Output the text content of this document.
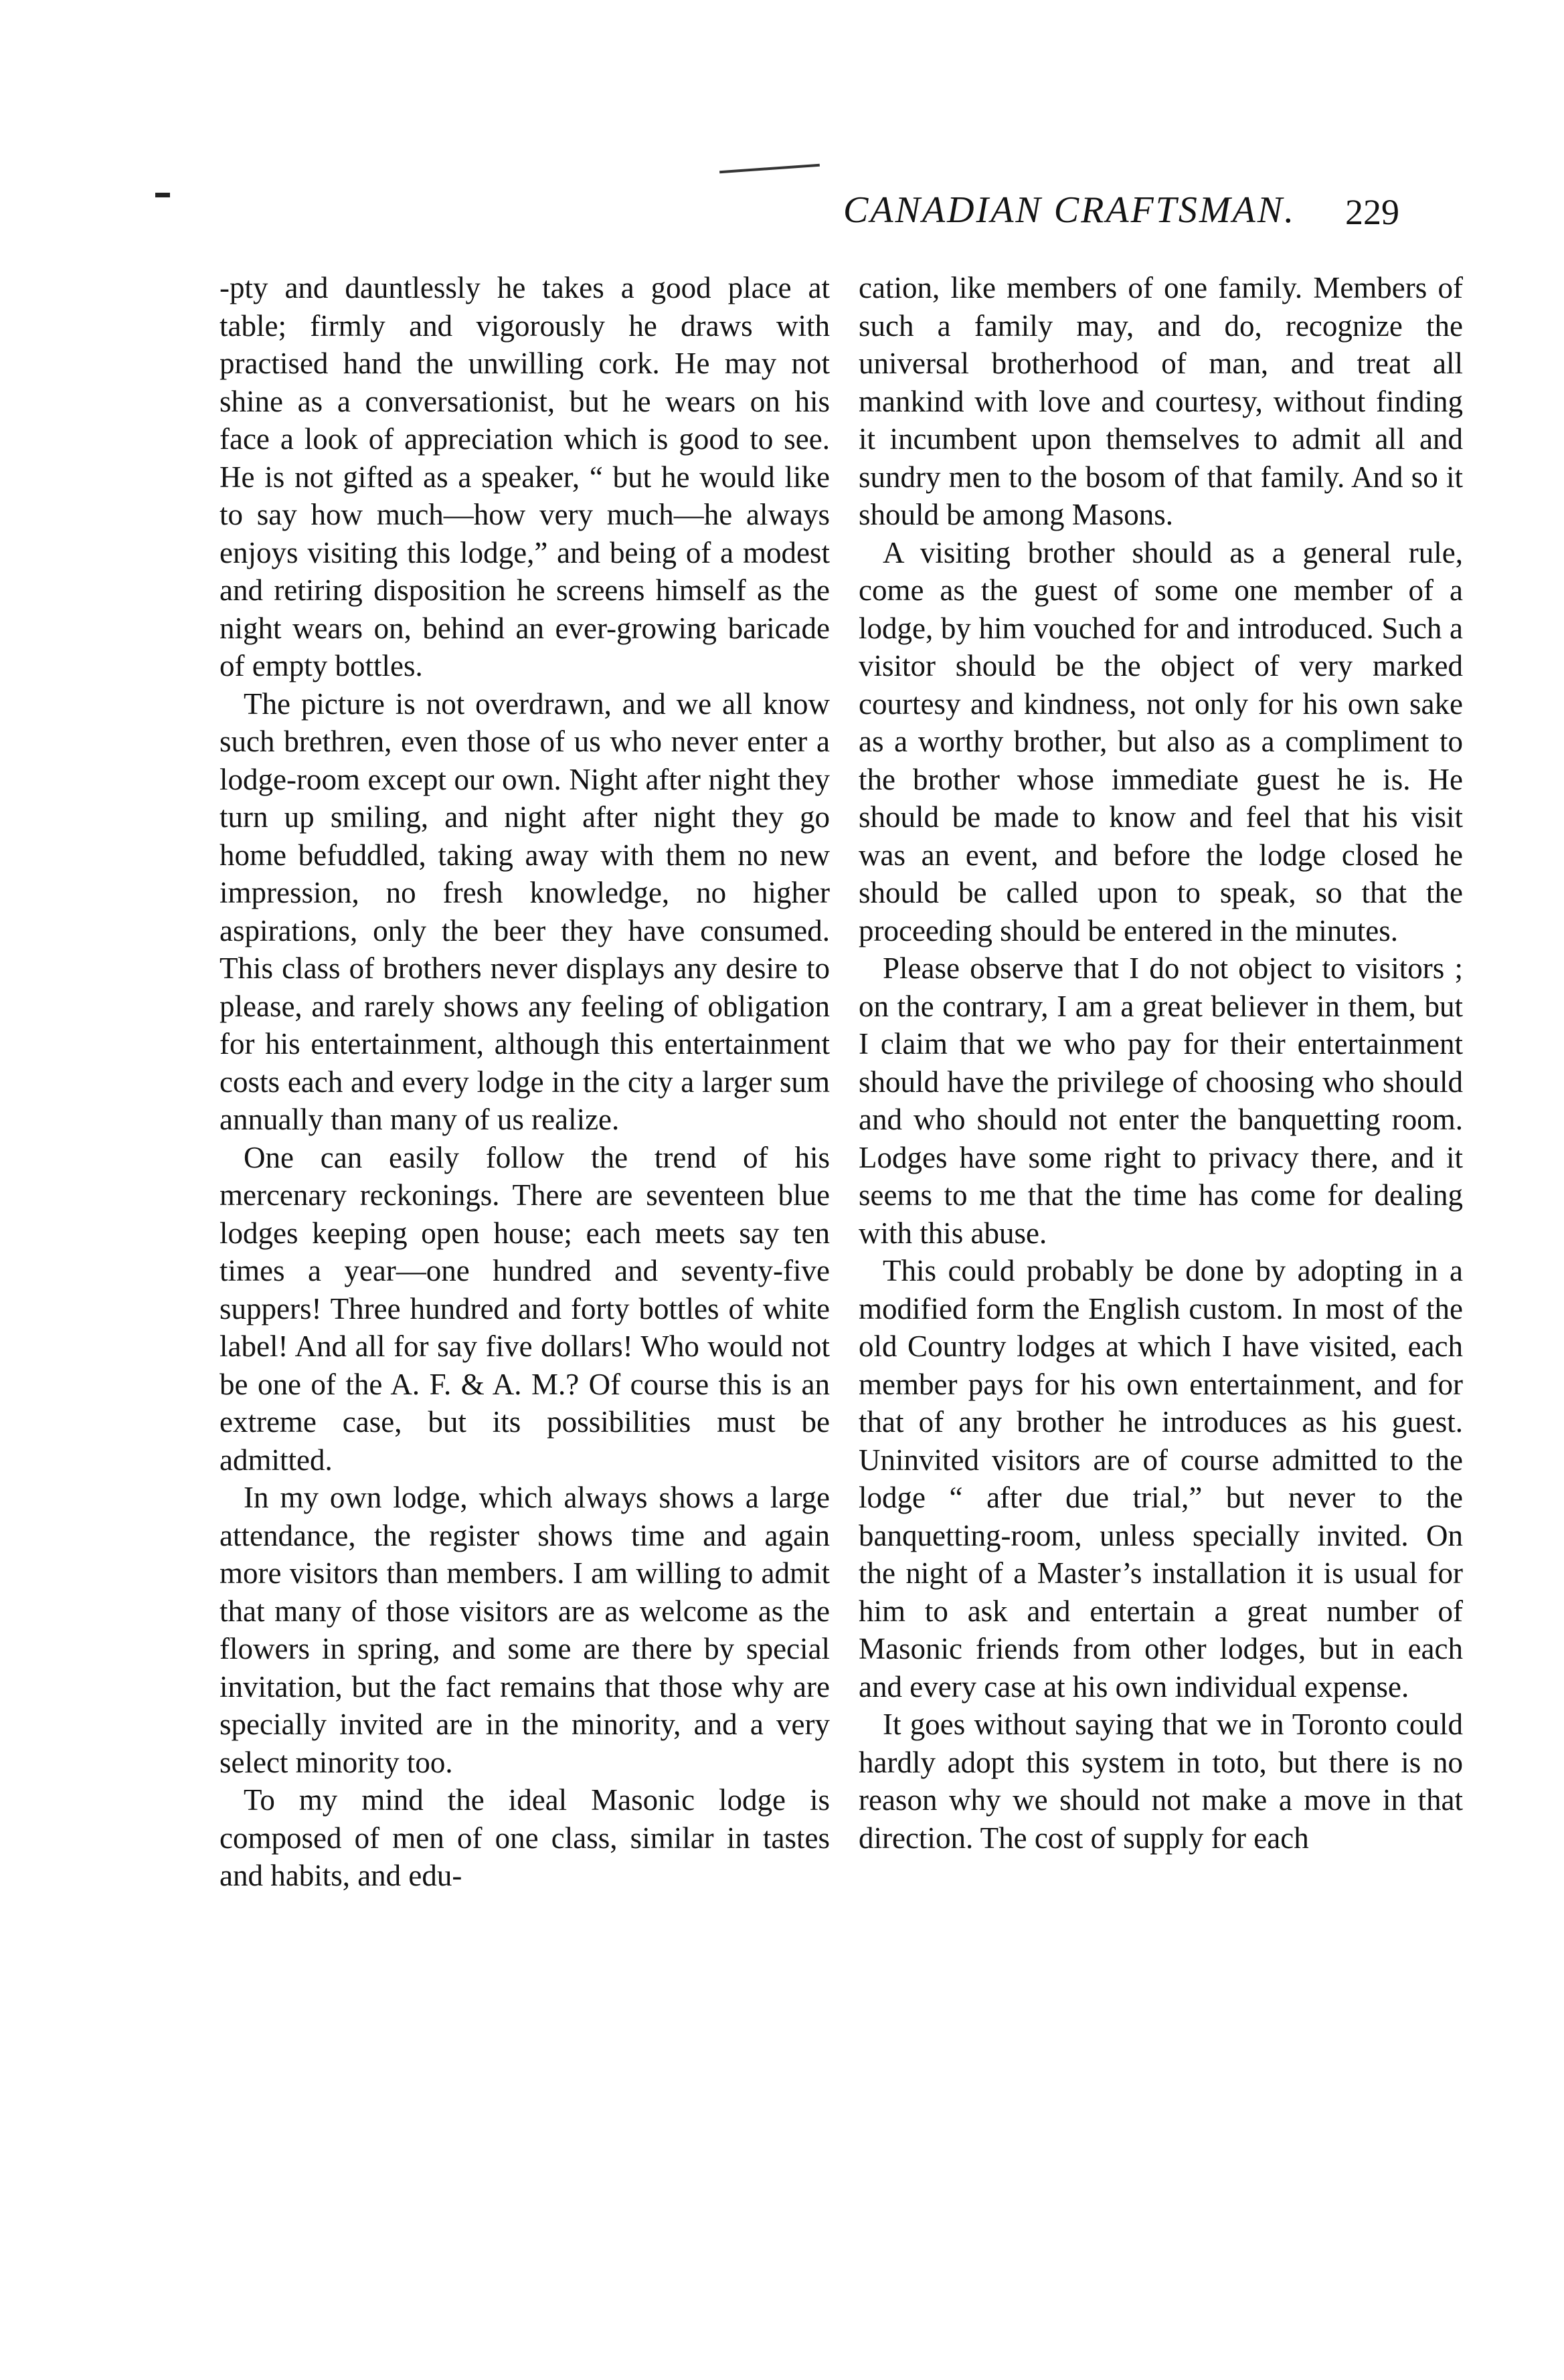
CANADIAN CRAFTSMAN.	229

-pty and dauntlessly he takes a good place at table; firmly and vigorously he draws with practised hand the unwilling cork. He may not shine as a conversationist, but he wears on his face a look of appreciation which is good to see. He is not gifted as a speaker, “ but he would like to say how much—how very much—he always enjoys visiting this lodge,” and being of a modest and retiring disposition he screens himself as the night wears on, behind an ever-growing baricade of empty bottles.

The picture is not overdrawn, and we all know such brethren, even those of us who never enter a lodge-room except our own. Night after night they turn up smiling, and night after night they go home befuddled, taking away with them no new impression, no fresh knowledge, no higher aspirations, only the beer they have consumed. This class of brothers never displays any desire to please, and rarely shows any feeling of obligation for his entertainment, although this entertainment costs each and every lodge in the city a larger sum annually than many of us realize.

One can easily follow the trend of his mercenary reckonings. There are seventeen blue lodges keeping open house; each meets say ten times a year—one hundred and seventy-five suppers! Three hundred and forty bottles of white label! And all for say five dollars! Who would not be one of the A. F. & A. M.? Of course this is an extreme case, but its possibilities must be admitted.

In my own lodge, which always shows a large attendance, the register shows time and again more visitors than members. I am willing to admit that many of those visitors are as welcome as the flowers in spring, and some are there by special invitation, but the fact remains that those why are specially invited are in the minority, and a very select minority too.

To my mind the ideal Masonic lodge is composed of men of one class, similar in tastes and habits, and edu-

cation, like members of one family. Members of such a family may, and do, recognize the universal brotherhood of man, and treat all mankind with love and courtesy, without finding it incumbent upon themselves to admit all and sundry men to the bosom of that family. And so it should be among Masons.

A visiting brother should as a general rule, come as the guest of some one member of a lodge, by him vouched for and introduced. Such a visitor should be the object of very marked courtesy and kindness, not only for his own sake as a worthy brother, but also as a compliment to the brother whose immediate guest he is. He should be made to know and feel that his visit was an event, and before the lodge closed he should be called upon to speak, so that the proceeding should be entered in the minutes.

Please observe that I do not object to visitors ; on the contrary, I am a great believer in them, but I claim that we who pay for their entertainment should have the privilege of choosing who should and who should not enter the banquetting room. Lodges have some right to privacy there, and it seems to me that the time has come for dealing with this abuse.

This could probably be done by adopting in a modified form the English custom. In most of the old Country lodges at which I have visited, each member pays for his own entertainment, and for that of any brother he introduces as his guest. Uninvited visitors are of course admitted to the lodge “ after due trial,” but never to the banquetting-room, unless specially invited. On the night of a Master’s installation it is usual for him to ask and entertain a great number of Masonic friends from other lodges, but in each and every case at his own individual expense.

It goes without saying that we in Toronto could hardly adopt this system in toto, but there is no reason why we should not make a move in that direction. The cost of supply for each
